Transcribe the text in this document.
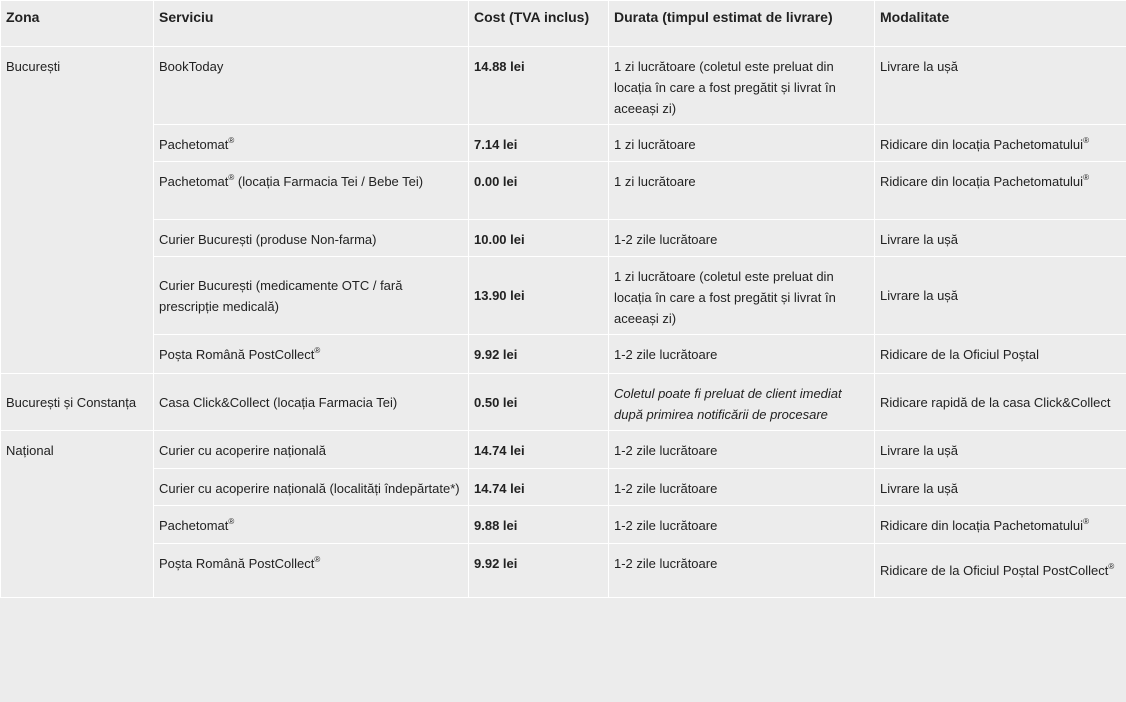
Zona	Serviciu	Cost (TVA inclus)	Durata (timpul estimat de livrare)	Modalitate
București	BookToday	14.88 lei	1 zi lucrătoare (coletul este preluat din locația în care a fost pregătit și livrat în aceeași zi)	Livrare la ușă
	Pachetomat®	7.14 lei	1 zi lucrătoare	Ridicare din locația Pachetomatului®
	Pachetomat® (locația Farmacia Tei / Bebe Tei)	0.00 lei	1 zi lucrătoare	Ridicare din locația Pachetomatului®
	Curier București (produse Non-farma)	10.00 lei	1-2 zile lucrătoare	Livrare la ușă
	Curier București (medicamente OTC / fară prescripție medicală)	13.90 lei	1 zi lucrătoare (coletul este preluat din locația în care a fost pregătit și livrat în aceeași zi)	Livrare la ușă
	Poșta Română PostCollect®	9.92 lei	1-2 zile lucrătoare	Ridicare de la Oficiul Poștal
București și Constanța	Casa Click&Collect (locația Farmacia Tei)	0.50 lei	Coletul poate fi preluat de client imediat după primirea notificării de procesare	Ridicare rapidă de la casa Click&Collect
Național	Curier cu acoperire națională	14.74 lei	1-2 zile lucrătoare	Livrare la ușă
	Curier cu acoperire națională (localități îndepărtate*)	14.74 lei	1-2 zile lucrătoare	Livrare la ușă
	Pachetomat®	9.88 lei	1-2 zile lucrătoare	Ridicare din locația Pachetomatului®
	Poșta Română PostCollect®	9.92 lei	1-2 zile lucrătoare	Ridicare de la Oficiul Poștal PostCollect®
